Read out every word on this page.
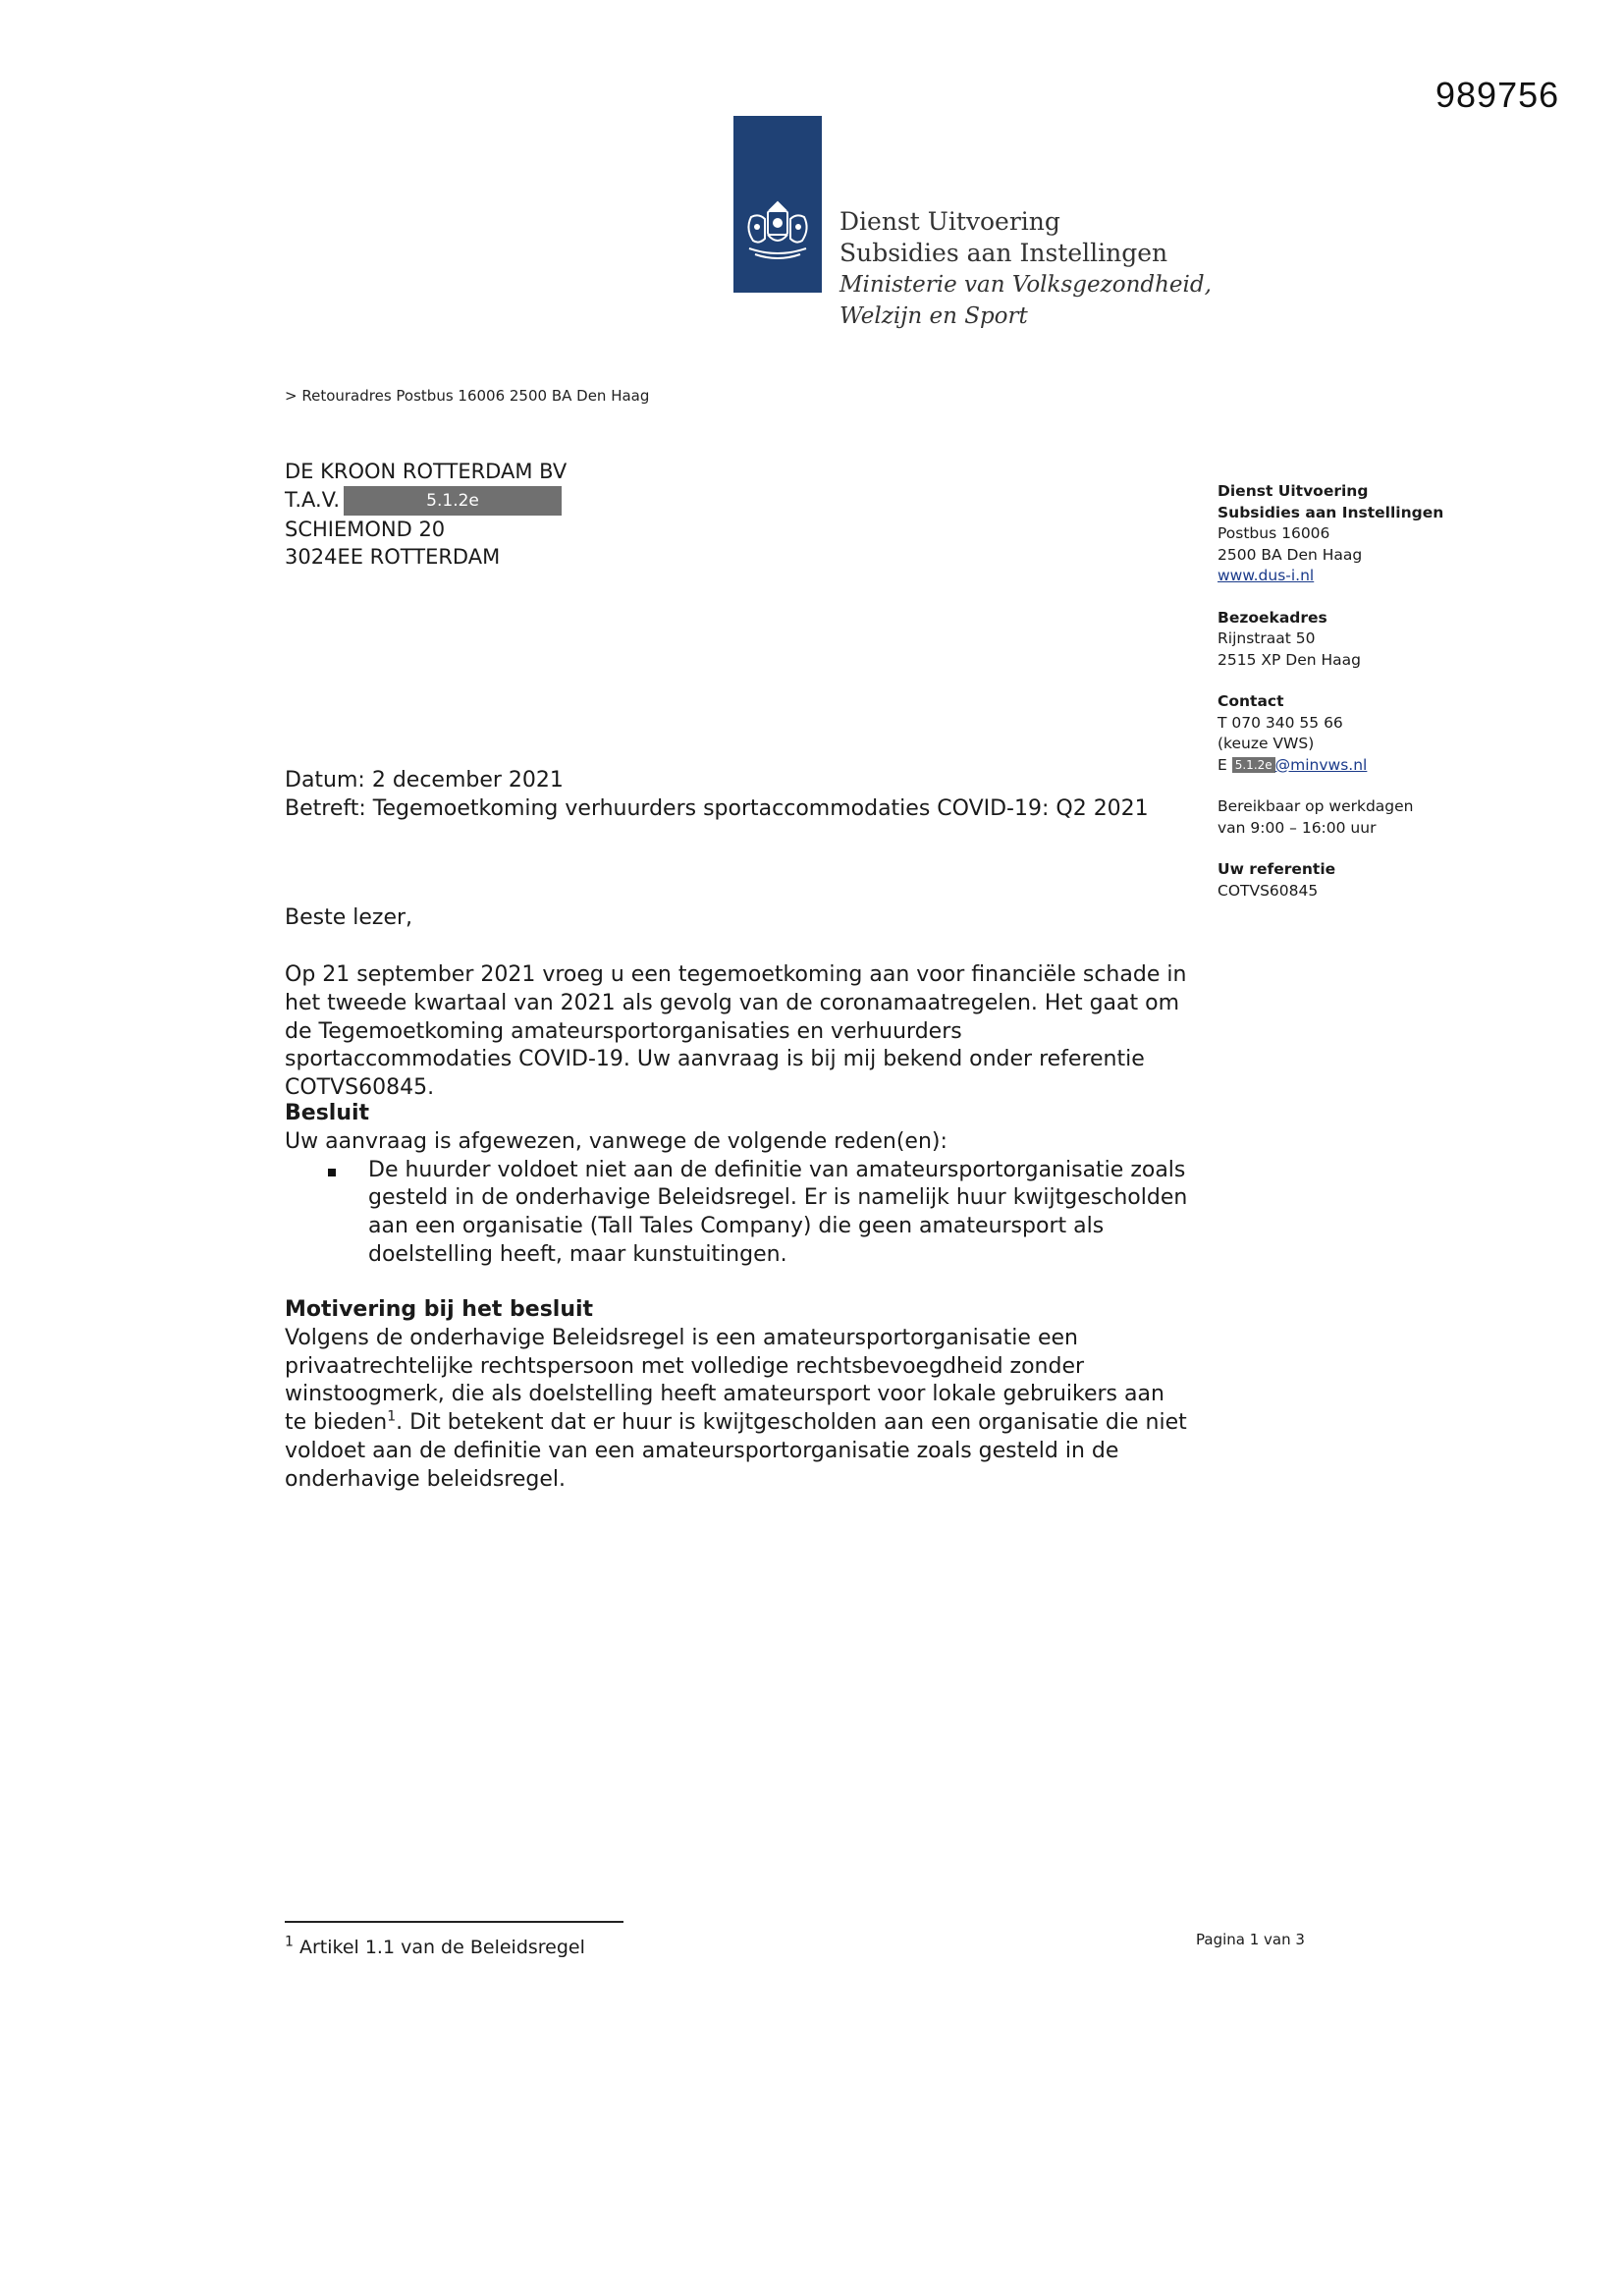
989756
Dienst Uitvoering
Subsidies aan Instellingen
Ministerie van Volksgezondheid,
Welzijn en Sport
> Retouradres Postbus 16006 2500 BA Den Haag
DE KROON ROTTERDAM BV
T.A.V.	5.1.2e
SCHIEMOND 20
3024EE ROTTERDAM
Dienst Uitvoering
Subsidies aan Instellingen
Postbus 16006
2500 BA Den Haag
www.dus-i.nl
Bezoekadres
Rijnstraat 50
2515 XP Den Haag
Contact
T 070 340 55 66
(keuze VWS)
E 5.1.2e @minvws.nl
Bereikbaar op werkdagen
van 9:00 – 16:00 uur
Uw referentie
COTVS60845
Datum: 2 december 2021
Betreft: Tegemoetkoming verhuurders sportaccommodaties COVID-19: Q2 2021
Beste lezer,
Op 21 september 2021 vroeg u een tegemoetkoming aan voor financiële schade in het tweede kwartaal van 2021 als gevolg van de coronamaatregelen. Het gaat om de Tegemoetkoming amateursportorganisaties en verhuurders sportaccommodaties COVID-19. Uw aanvraag is bij mij bekend onder referentie COTVS60845.
Besluit
Uw aanvraag is afgewezen, vanwege de volgende reden(en):
De huurder voldoet niet aan de definitie van amateursportorganisatie zoals gesteld in de onderhavige Beleidsregel. Er is namelijk huur kwijtgescholden aan een organisatie (Tall Tales Company) die geen amateursport als doelstelling heeft, maar kunstuitingen.
Motivering bij het besluit
Volgens de onderhavige Beleidsregel is een amateursportorganisatie een privaatrechtelijke rechtspersoon met volledige rechtsbevoegdheid zonder winstoogmerk, die als doelstelling heeft amateursport voor lokale gebruikers aan te bieden$^1$. Dit betekent dat er huur is kwijtgescholden aan een organisatie die niet voldoet aan de definitie van een amateursportorganisatie zoals gesteld in de onderhavige beleidsregel.
$^1$ Artikel 1.1 van de Beleidsregel	Pagina 1 van 3
